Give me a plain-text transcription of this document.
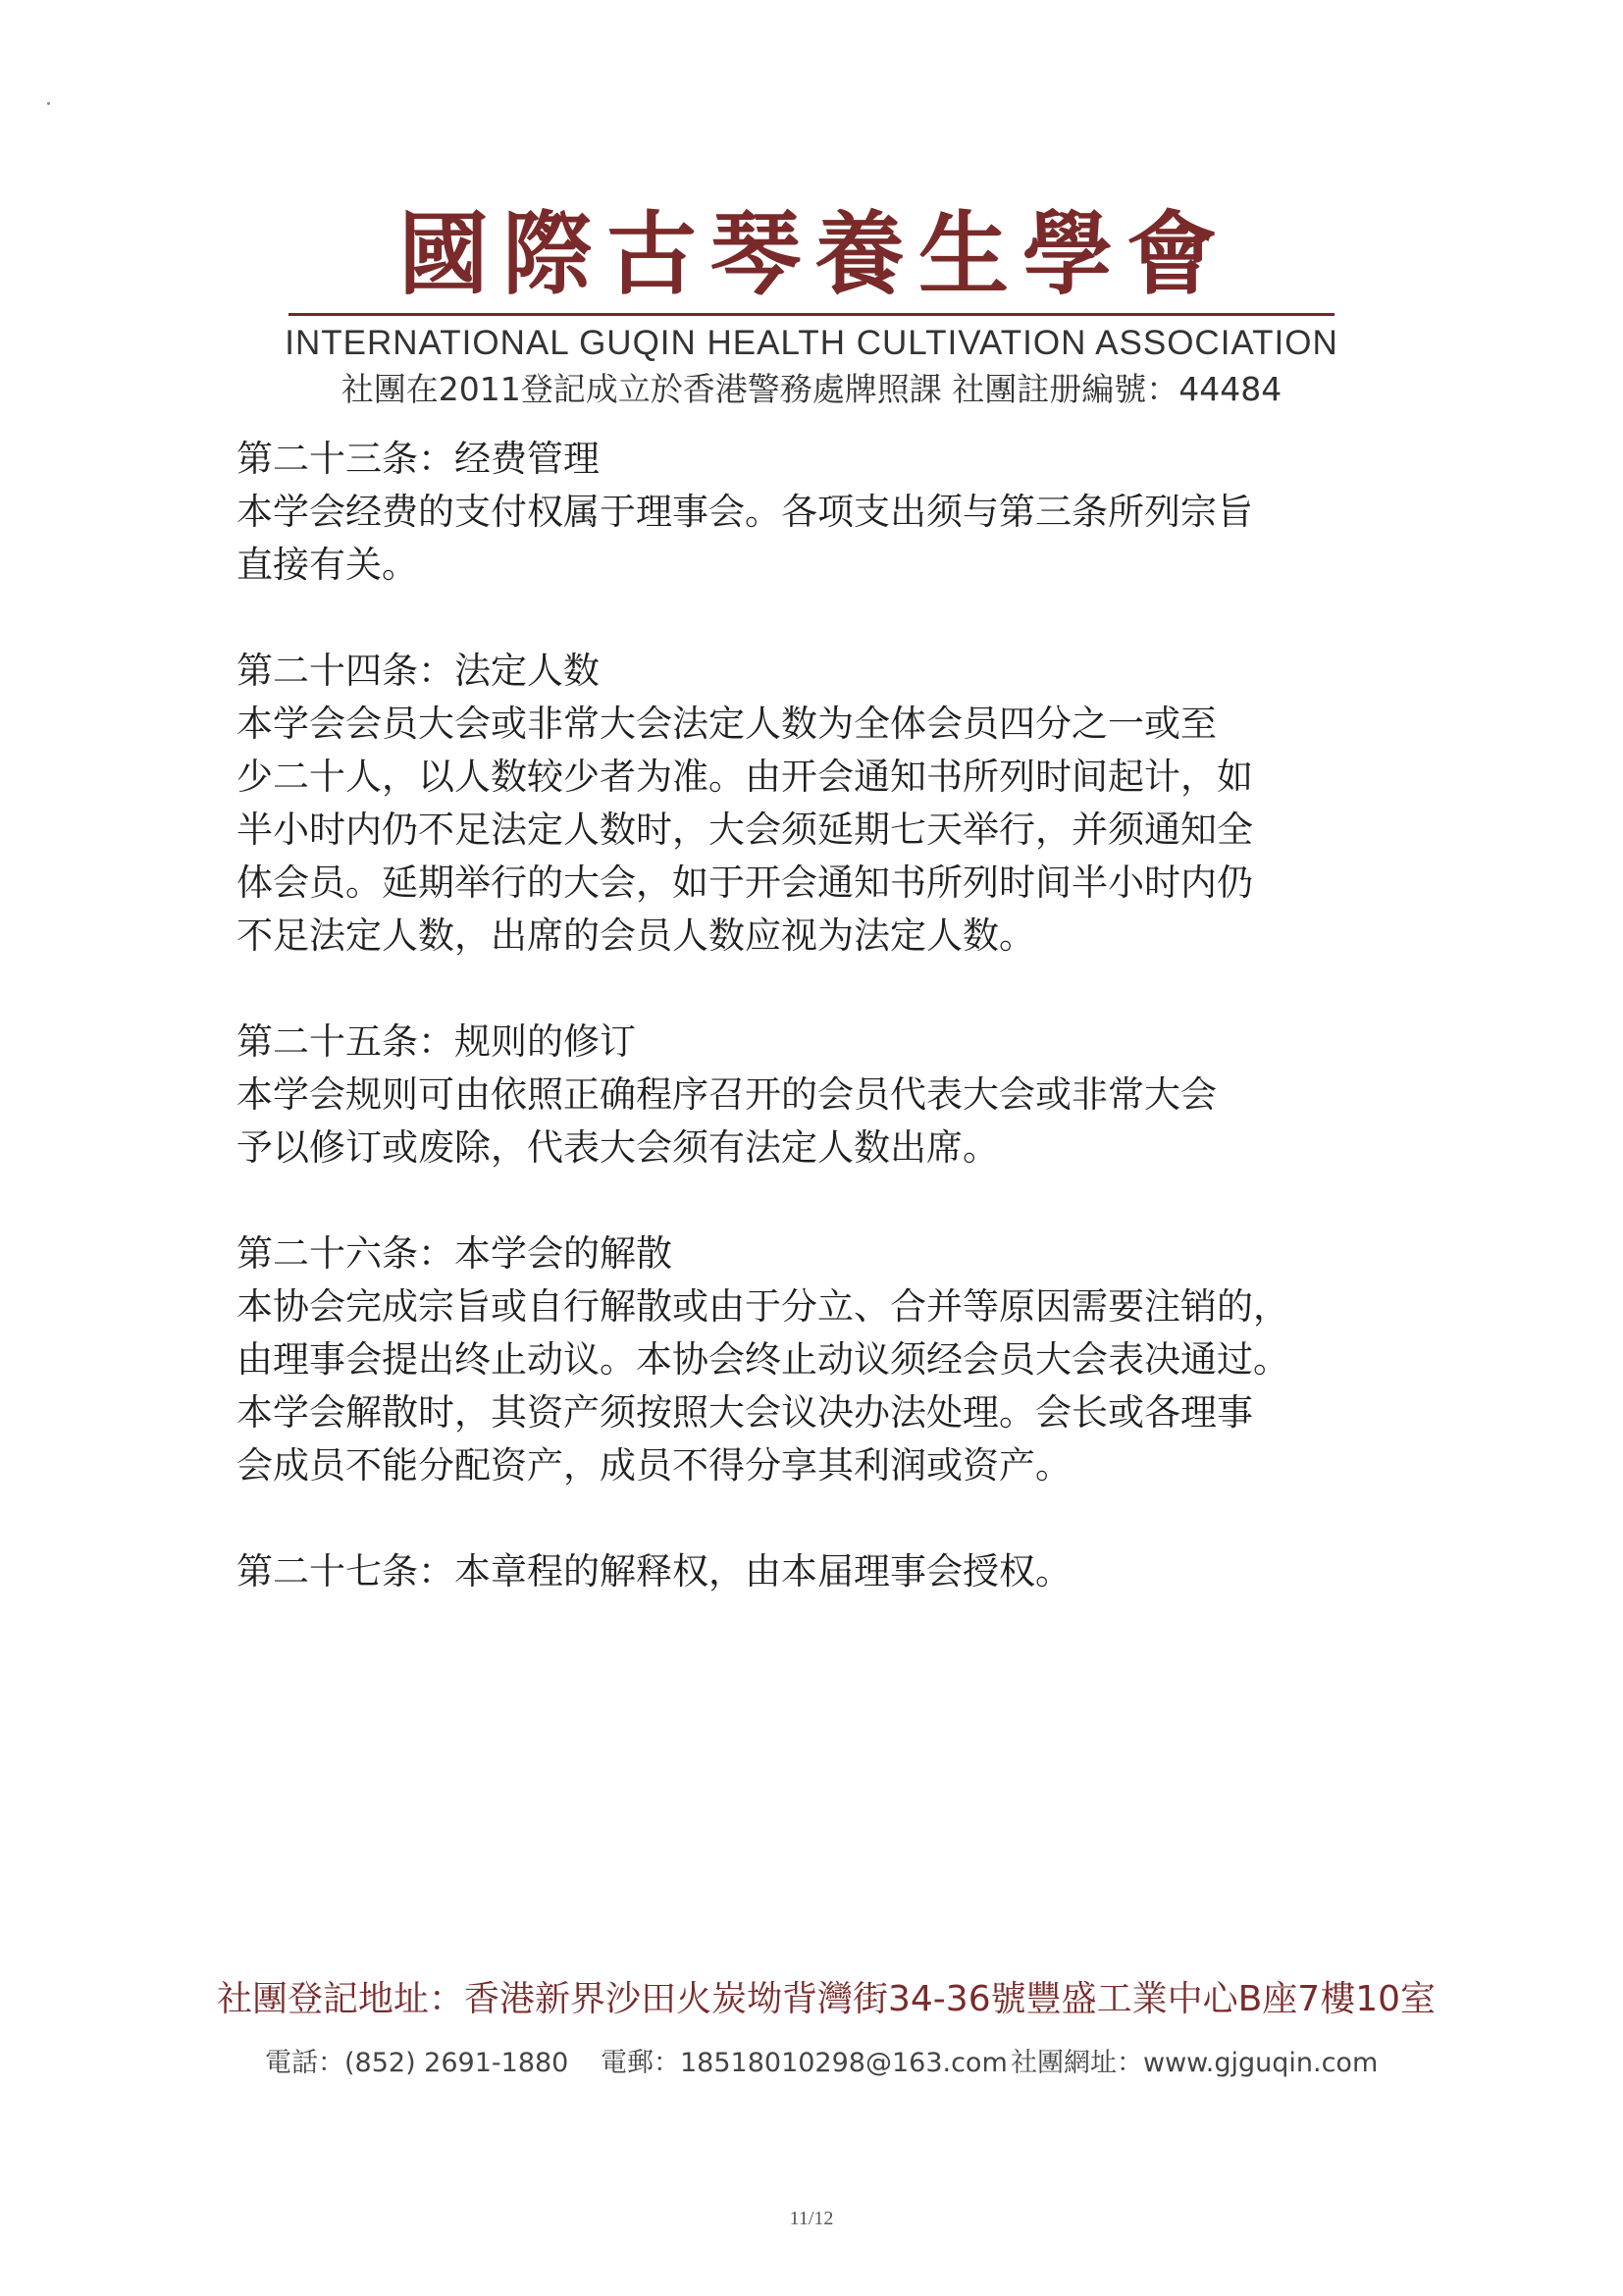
國際古琴養生學會
INTERNATIONAL GUQIN HEALTH CULTIVATION ASSOCIATION
社團在2011登記成立於香港警務處牌照課 社團註册編號：44484
第二十三条：经费管理
本学会经费的支付权属于理事会。各项支出须与第三条所列宗旨
直接有关。
第二十四条：法定人数
本学会会员大会或非常大会法定人数为全体会员四分之一或至
少二十人，以人数较少者为准。由开会通知书所列时间起计，如
半小时内仍不足法定人数时，大会须延期七天举行，并须通知全
体会员。延期举行的大会，如于开会通知书所列时间半小时内仍
不足法定人数，出席的会员人数应视为法定人数。
第二十五条：规则的修订
本学会规则可由依照正确程序召开的会员代表大会或非常大会
予以修订或废除，代表大会须有法定人数出席。
第二十六条：本学会的解散
本协会完成宗旨或自行解散或由于分立、合并等原因需要注销的，
由理事会提出终止动议。本协会终止动议须经会员大会表决通过。
本学会解散时，其资产须按照大会议决办法处理。会长或各理事
会成员不能分配资产，成员不得分享其利润或资产。
第二十七条：本章程的解释权，由本届理事会授权。
社團登記地址：香港新界沙田火炭坳背灣街34-36號豐盛工業中心B座7樓10室
電話：(852) 2691-1880 電郵：18518010298@163.com 社團網址：www.gjguqin.com
11/12
